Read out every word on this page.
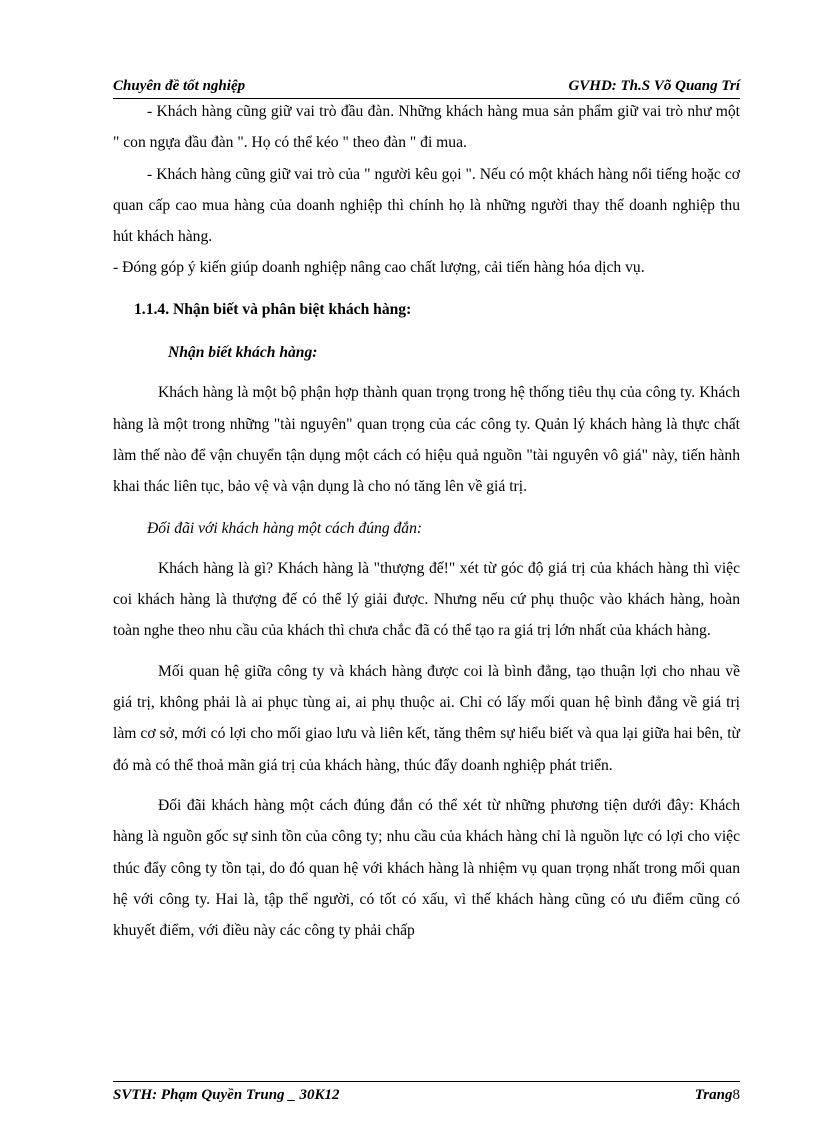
Chuyên đề tốt nghiệp	GVHD: Th.S Võ Quang Trí

- Khách hàng cũng giữ vai trò đầu đàn. Những khách hàng mua sản phẩm giữ vai trò như một " con ngựa đầu đàn ". Họ có thể kéo " theo đàn " đi mua.

- Khách hàng cũng giữ vai trò của " người kêu gọi ". Nếu có một khách hàng nổi tiếng hoặc cơ quan cấp cao mua hàng của doanh nghiệp thì chính họ là những người thay thế doanh nghiệp thu hút khách hàng.

- Đóng góp ý kiến giúp doanh nghiệp nâng cao chất lượng, cải tiến hàng hóa dịch vụ.

1.1.4. Nhận biết và phân biệt khách hàng:

Nhận biết khách hàng:

Khách hàng là một bộ phận hợp thành quan trọng trong hệ thống tiêu thụ của công ty. Khách hàng là một trong những "tài nguyên" quan trọng của các công ty. Quản lý khách hàng là thực chất làm thế nào để vận chuyển tận dụng một cách có hiệu quả nguồn "tài nguyên vô giá" này, tiến hành khai thác liên tục, bảo vệ và vận dụng là cho nó tăng lên về giá trị.

Đối đãi với khách hàng một cách đúng đắn:

Khách hàng là gì? Khách hàng là "thượng đế!" xét từ góc độ giá trị của khách hàng thì việc coi khách hàng là thượng đế có thể lý giải được. Nhưng nếu cứ phụ thuộc vào khách hàng, hoàn toàn nghe theo nhu cầu của khách thì chưa chắc đã có thể tạo ra giá trị lớn nhất của khách hàng.

Mối quan hệ giữa công ty và khách hàng được coi là bình đẳng, tạo thuận lợi cho nhau về giá trị, không phải là ai phục tùng ai, ai phụ thuộc ai. Chỉ có lấy mối quan hệ bình đẳng về giá trị làm cơ sở, mới có lợi cho mối giao lưu và liên kết, tăng thêm sự hiểu biết và qua lại giữa hai bên, từ đó mà có thể thoả mãn giá trị của khách hàng, thúc đẩy doanh nghiệp phát triển.

Đối đãi khách hàng một cách đúng đắn có thể xét từ những phương tiện dưới đây: Khách hàng là nguồn gốc sự sinh tồn của công ty; nhu cầu của khách hàng chỉ là nguồn lực có lợi cho việc thúc đẩy công ty tồn tại, do đó quan hệ với khách hàng là nhiệm vụ quan trọng nhất trong mối quan hệ với công ty. Hai là, tập thể người, có tốt có xấu, vì thế khách hàng cũng có ưu điểm cũng có khuyết điểm, với điều này các công ty phải chấp

SVTH: Phạm Quyền Trung _ 30K12	Trang8
